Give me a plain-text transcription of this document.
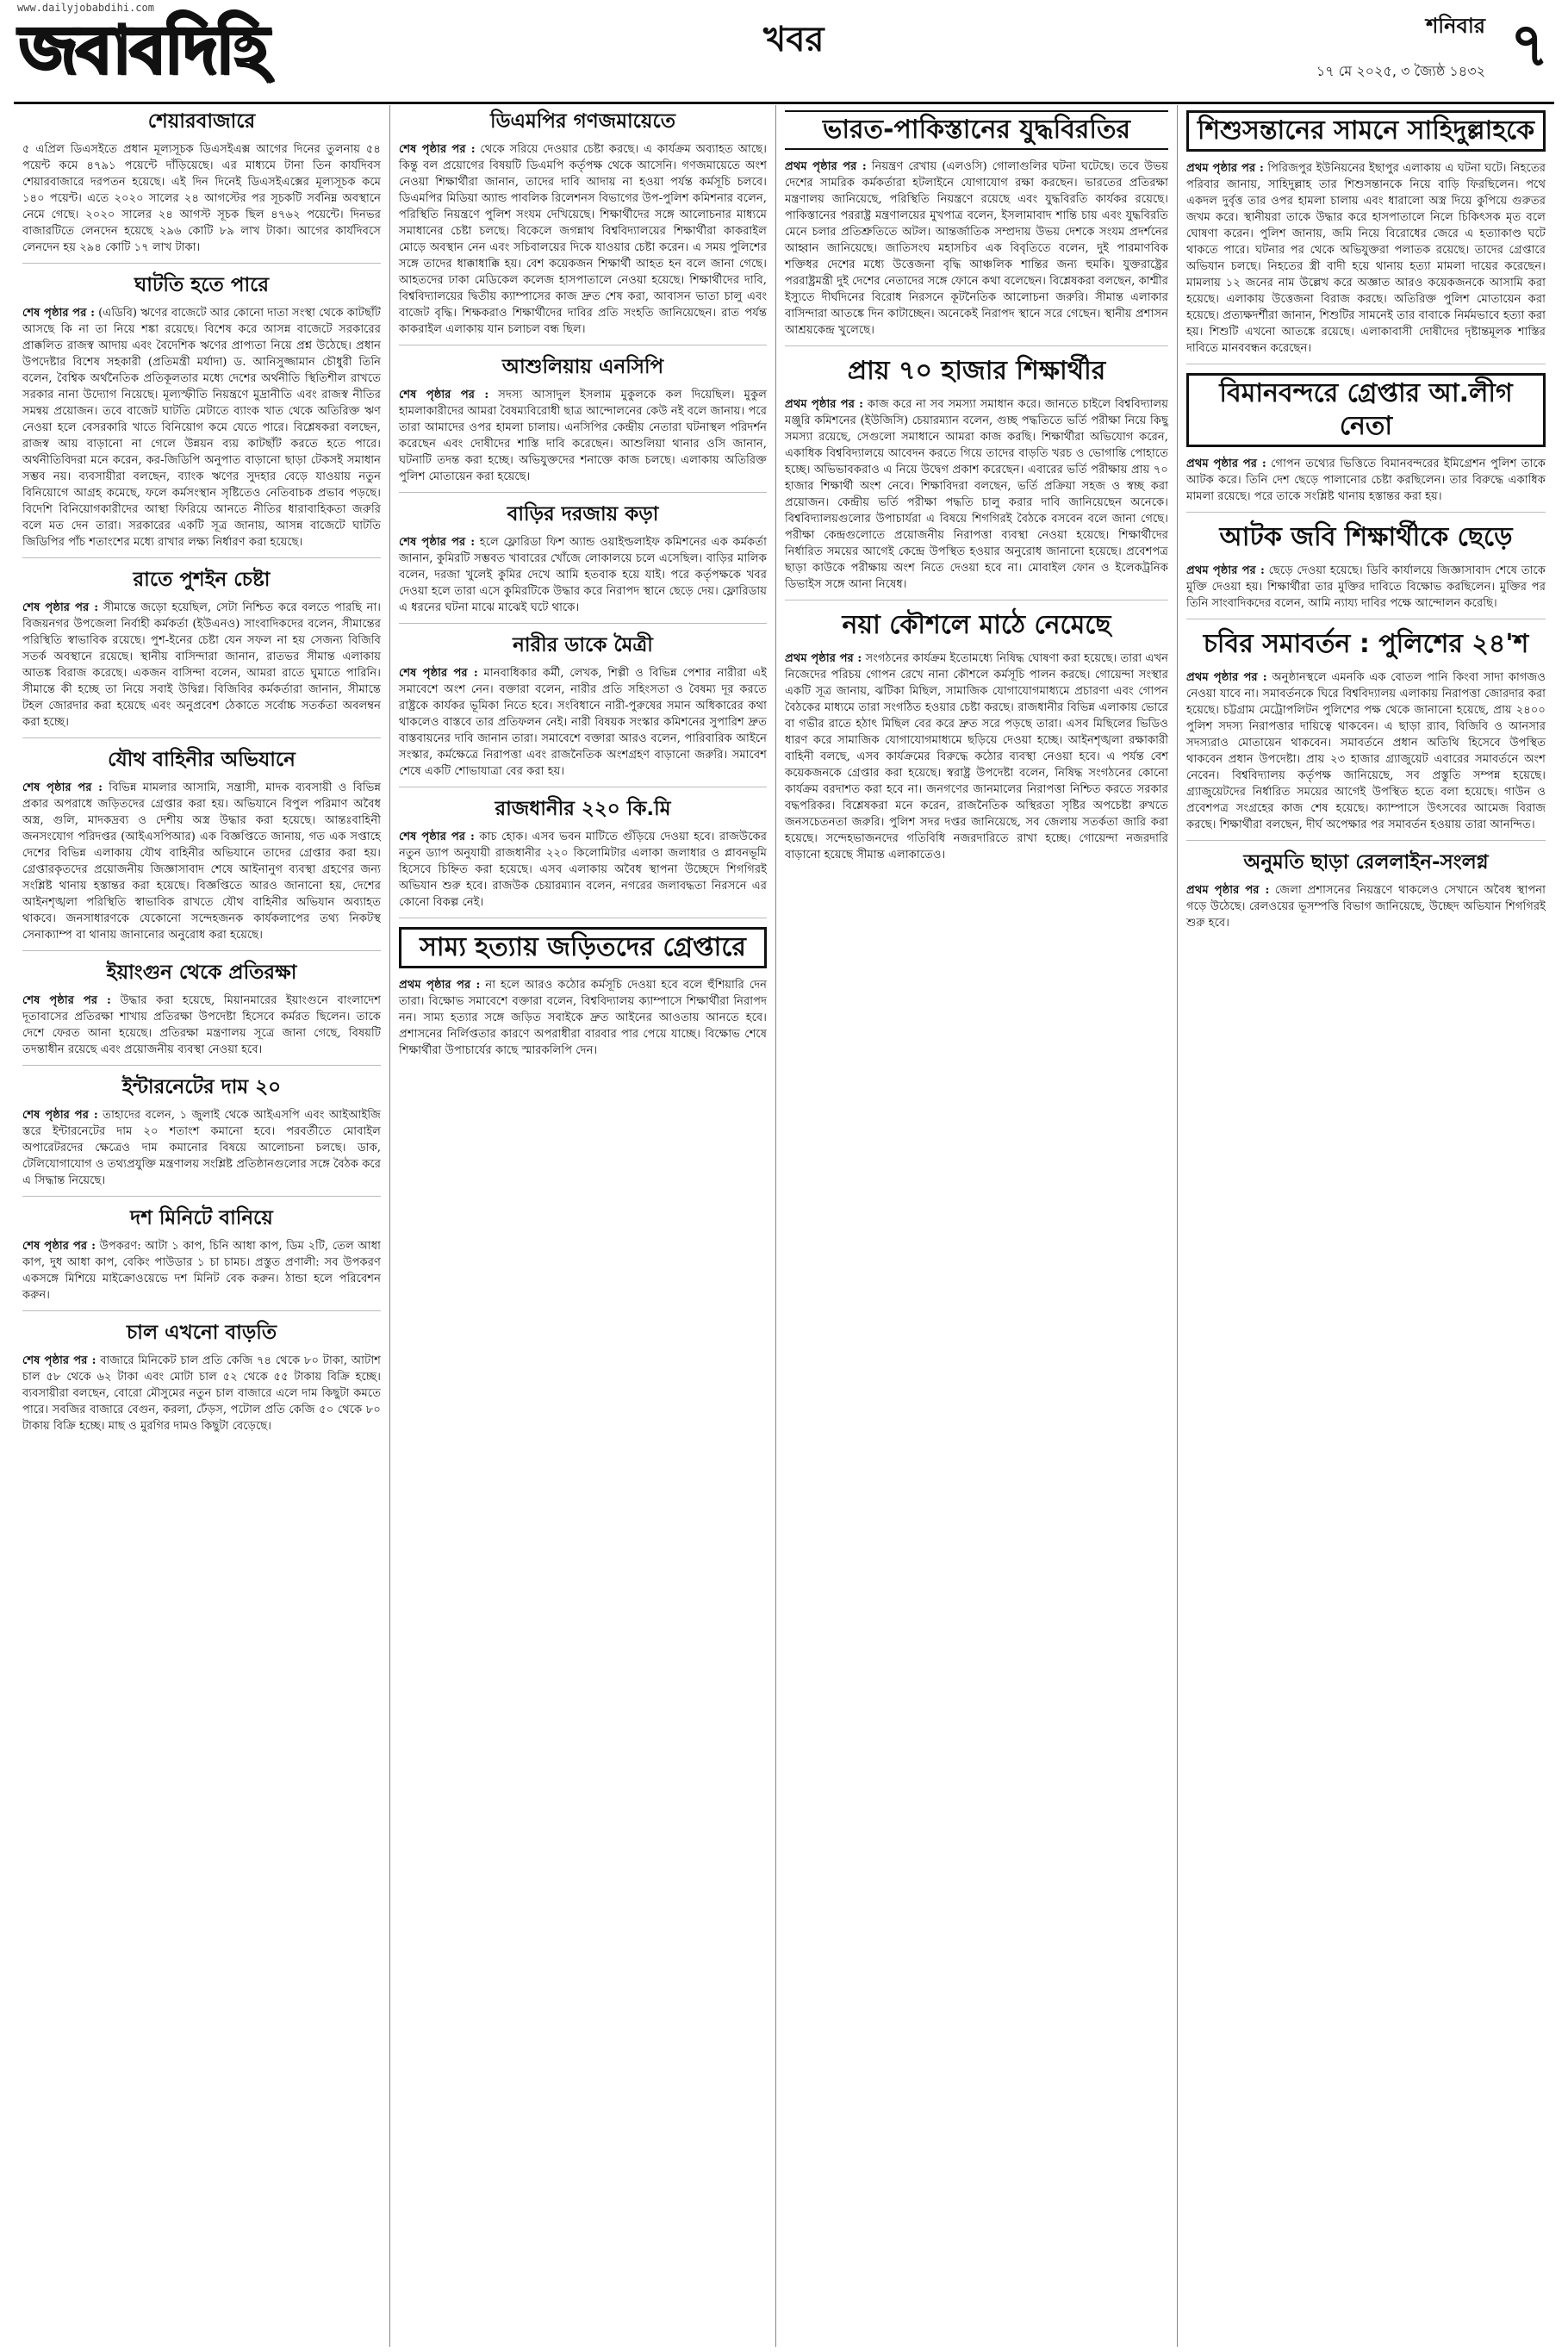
www.dailyjobabdihi.com
জবাবদিহি	খবর	শনিবার
১৭ মে ২০২৫, ৩ জ্যৈষ্ঠ ১৪৩২ ৭
শেয়ারবাজারে

৫ এপ্রিল ডিএসইতে প্রধান মূল্যসূচক ডিএসইএক্স আগের দিনের তুলনায় ৫৪ পয়েন্ট কমে ৪৭৯১ পয়েন্টে দাঁড়িয়েছে। এর মাধ্যমে টানা তিন কার্যদিবস শেয়ারবাজারে দরপতন হয়েছে। এই দিন দিনেই ডিএসইএক্সের মূল্যসূচক কমে ১৪০ পয়েন্ট। এতে ২০২০ সালের ২৪ আগস্টের পর সূচকটি সর্বনিম্ন অবস্থানে নেমে গেছে। ২০২০ সালের ২৪ আগস্ট সূচক ছিল ৪৭৬২ পয়েন্টে। দিনভর বাজারটিতে লেনদেন হয়েছে ২৯৬ কোটি ৮৯ লাখ টাকা। আগের কার্যদিবসে লেনদেন হয় ২৯৪ কোটি ১৭ লাখ টাকা।

ঘাটতি হতে পারে

শেষ পৃষ্ঠার পর : (এডিবি) ঋণের বাজেটে আর কোনো দাতা সংস্থা থেকে কাটছাঁট আসছে কি না তা নিয়ে শঙ্কা রয়েছে। বিশেষ করে আসন্ন বাজেটে সরকারের প্রাক্কলিত রাজস্ব আদায় এবং বৈদেশিক ঋণের প্রাপ্যতা নিয়ে প্রশ্ন উঠেছে। প্রধান উপদেষ্টার বিশেষ সহকারী (প্রতিমন্ত্রী মর্যাদা) ড. আনিসুজ্জামান চৌধুরী তিনি বলেন, বৈশ্বিক অর্থনৈতিক প্রতিকূলতার মধ্যে দেশের অর্থনীতি স্থিতিশীল রাখতে সরকার নানা উদ্যোগ নিয়েছে। মূল্যস্ফীতি নিয়ন্ত্রণে মুদ্রানীতি এবং রাজস্ব নীতির সমন্বয় প্রয়োজন। তবে বাজেট ঘাটতি মেটাতে ব্যাংক খাত থেকে অতিরিক্ত ঋণ নেওয়া হলে বেসরকারি খাতে বিনিয়োগ কমে যেতে পারে। বিশ্লেষকরা বলছেন, রাজস্ব আয় বাড়ানো না গেলে উন্নয়ন ব্যয় কাটছাঁট করতে হতে পারে। অর্থনীতিবিদরা মনে করেন, কর-জিডিপি অনুপাত বাড়ানো ছাড়া টেকসই সমাধান সম্ভব নয়। ব্যবসায়ীরা বলছেন, ব্যাংক ঋণের সুদহার বেড়ে যাওয়ায় নতুন বিনিয়োগে আগ্রহ কমেছে, ফলে কর্মসংস্থান সৃষ্টিতেও নেতিবাচক প্রভাব পড়ছে। বিদেশি বিনিয়োগকারীদের আস্থা ফিরিয়ে আনতে নীতির ধারাবাহিকতা জরুরি বলে মত দেন তারা। সরকারের একটি সূত্র জানায়, আসন্ন বাজেটে ঘাটতি জিডিপির পাঁচ শতাংশের মধ্যে রাখার লক্ষ্য নির্ধারণ করা হয়েছে।

রাতে পুশইন চেষ্টা

শেষ পৃষ্ঠার পর : সীমান্তে জড়ো হয়েছিল, সেটা নিশ্চিত করে বলতে পারছি না। বিজয়নগর উপজেলা নির্বাহী কর্মকর্তা (ইউএনও) সাংবাদিকদের বলেন, সীমান্তের পরিস্থিতি স্বাভাবিক রয়েছে। পুশ-ইনের চেষ্টা যেন সফল না হয় সেজন্য বিজিবি সতর্ক অবস্থানে রয়েছে। স্থানীয় বাসিন্দারা জানান, রাতভর সীমান্ত এলাকায় আতঙ্ক বিরাজ করেছে। একজন বাসিন্দা বলেন, আমরা রাতে ঘুমাতে পারিনি। সীমান্তে কী হচ্ছে তা নিয়ে সবাই উদ্বিগ্ন। বিজিবির কর্মকর্তারা জানান, সীমান্তে টহল জোরদার করা হয়েছে এবং অনুপ্রবেশ ঠেকাতে সর্বোচ্চ সতর্কতা অবলম্বন করা হচ্ছে।

যৌথ বাহিনীর অভিযানে

শেষ পৃষ্ঠার পর : বিভিন্ন মামলার আসামি, সন্ত্রাসী, মাদক ব্যবসায়ী ও বিভিন্ন প্রকার অপরাধে জড়িতদের গ্রেপ্তার করা হয়। অভিযানে বিপুল পরিমাণ অবৈধ অস্ত্র, গুলি, মাদকদ্রব্য ও দেশীয় অস্ত্র উদ্ধার করা হয়েছে। আন্তঃবাহিনী জনসংযোগ পরিদপ্তর (আইএসপিআর) এক বিজ্ঞপ্তিতে জানায়, গত এক সপ্তাহে দেশের বিভিন্ন এলাকায় যৌথ বাহিনীর অভিযানে তাদের গ্রেপ্তার করা হয়। গ্রেপ্তারকৃতদের প্রয়োজনীয় জিজ্ঞাসাবাদ শেষে আইনানুগ ব্যবস্থা গ্রহণের জন্য সংশ্লিষ্ট থানায় হস্তান্তর করা হয়েছে। বিজ্ঞপ্তিতে আরও জানানো হয়, দেশের আইনশৃঙ্খলা পরিস্থিতি স্বাভাবিক রাখতে যৌথ বাহিনীর অভিযান অব্যাহত থাকবে। জনসাধারণকে যেকোনো সন্দেহজনক কার্যকলাপের তথ্য নিকটস্থ সেনাক্যাম্প বা থানায় জানানোর অনুরোধ করা হয়েছে।

ইয়াংগুন থেকে প্রতিরক্ষা

শেষ পৃষ্ঠার পর : উদ্ধার করা হয়েছে, মিয়ানমারের ইয়াংগুনে বাংলাদেশ দূতাবাসের প্রতিরক্ষা শাখায় প্রতিরক্ষা উপদেষ্টা হিসেবে কর্মরত ছিলেন। তাকে দেশে ফেরত আনা হয়েছে। প্রতিরক্ষা মন্ত্রণালয় সূত্রে জানা গেছে, বিষয়টি তদন্তাধীন রয়েছে এবং প্রয়োজনীয় ব্যবস্থা নেওয়া হবে।

ইন্টারনেটের দাম ২০

শেষ পৃষ্ঠার পর : তাহাদের বলেন, ১ জুলাই থেকে আইএসপি এবং আইআইজি স্তরে ইন্টারনেটের দাম ২০ শতাংশ কমানো হবে। পরবর্তীতে মোবাইল অপারেটরদের ক্ষেত্রেও দাম কমানোর বিষয়ে আলোচনা চলছে। ডাক, টেলিযোগাযোগ ও তথ্যপ্রযুক্তি মন্ত্রণালয় সংশ্লিষ্ট প্রতিষ্ঠানগুলোর সঙ্গে বৈঠক করে এ সিদ্ধান্ত নিয়েছে।

দশ মিনিটে বানিয়ে

শেষ পৃষ্ঠার পর : উপকরণ: আটা ১ কাপ, চিনি আধা কাপ, ডিম ২টি, তেল আধা কাপ, দুধ আধা কাপ, বেকিং পাউডার ১ চা চামচ। প্রস্তুত প্রণালী: সব উপকরণ একসঙ্গে মিশিয়ে মাইক্রোওয়েভে দশ মিনিট বেক করুন। ঠান্ডা হলে পরিবেশন করুন।

চাল এখনো বাড়তি

শেষ পৃষ্ঠার পর : বাজারে মিনিকেট চাল প্রতি কেজি ৭৪ থেকে ৮০ টাকা, আটাশ চাল ৫৮ থেকে ৬২ টাকা এবং মোটা চাল ৫২ থেকে ৫৫ টাকায় বিক্রি হচ্ছে। ব্যবসায়ীরা বলছেন, বোরো মৌসুমের নতুন চাল বাজারে এলে দাম কিছুটা কমতে পারে। সবজির বাজারে বেগুন, করলা, ঢেঁড়স, পটোল প্রতি কেজি ৫০ থেকে ৮০ টাকায় বিক্রি হচ্ছে। মাছ ও মুরগির দামও কিছুটা বেড়েছে।

ডিএমপির গণজমায়েতে

শেষ পৃষ্ঠার পর : থেকে সরিয়ে দেওয়ার চেষ্টা করছে। এ কার্যক্রম অব্যাহত আছে। কিন্তু বল প্রয়োগের বিষয়টি ডিএমপি কর্তৃপক্ষ থেকে আসেনি। গণজমায়েতে অংশ নেওয়া শিক্ষার্থীরা জানান, তাদের দাবি আদায় না হওয়া পর্যন্ত কর্মসূচি চলবে। ডিএমপির মিডিয়া অ্যান্ড পাবলিক রিলেশনস বিভাগের উপ-পুলিশ কমিশনার বলেন, পরিস্থিতি নিয়ন্ত্রণে পুলিশ সংযম দেখিয়েছে। শিক্ষার্থীদের সঙ্গে আলোচনার মাধ্যমে সমাধানের চেষ্টা চলছে। বিকেলে জগন্নাথ বিশ্ববিদ্যালয়ের শিক্ষার্থীরা কাকরাইল মোড়ে অবস্থান নেন এবং সচিবালয়ের দিকে যাওয়ার চেষ্টা করেন। এ সময় পুলিশের সঙ্গে তাদের ধাক্কাধাক্কি হয়। বেশ কয়েকজন শিক্ষার্থী আহত হন বলে জানা গেছে। আহতদের ঢাকা মেডিকেল কলেজ হাসপাতালে নেওয়া হয়েছে। শিক্ষার্থীদের দাবি, বিশ্ববিদ্যালয়ের দ্বিতীয় ক্যাম্পাসের কাজ দ্রুত শেষ করা, আবাসন ভাতা চালু এবং বাজেট বৃদ্ধি। শিক্ষকরাও শিক্ষার্থীদের দাবির প্রতি সংহতি জানিয়েছেন। রাত পর্যন্ত কাকরাইল এলাকায় যান চলাচল বন্ধ ছিল।

আশুলিয়ায় এনসিপি

শেষ পৃষ্ঠার পর : সদস্য আসাদুল ইসলাম মুকুলকে কল দিয়েছিল। মুকুল হামলাকারীদের আমরা বৈষম্যবিরোধী ছাত্র আন্দোলনের কেউ নই বলে জানায়। পরে তারা আমাদের ওপর হামলা চালায়। এনসিপির কেন্দ্রীয় নেতারা ঘটনাস্থল পরিদর্শন করেছেন এবং দোষীদের শাস্তি দাবি করেছেন। আশুলিয়া থানার ওসি জানান, ঘটনাটি তদন্ত করা হচ্ছে। অভিযুক্তদের শনাক্তে কাজ চলছে। এলাকায় অতিরিক্ত পুলিশ মোতায়েন করা হয়েছে।

বাড়ির দরজায় কড়া

শেষ পৃষ্ঠার পর : হলে ফ্লোরিডা ফিশ অ্যান্ড ওয়াইল্ডলাইফ কমিশনের এক কর্মকর্তা জানান, কুমিরটি সম্ভবত খাবারের খোঁজে লোকালয়ে চলে এসেছিল। বাড়ির মালিক বলেন, দরজা খুলেই কুমির দেখে আমি হতবাক হয়ে যাই। পরে কর্তৃপক্ষকে খবর দেওয়া হলে তারা এসে কুমিরটিকে উদ্ধার করে নিরাপদ স্থানে ছেড়ে দেয়। ফ্লোরিডায় এ ধরনের ঘটনা মাঝে মাঝেই ঘটে থাকে।

নারীর ডাকে মৈত্রী

শেষ পৃষ্ঠার পর : মানবাধিকার কর্মী, লেখক, শিল্পী ও বিভিন্ন পেশার নারীরা এই সমাবেশে অংশ নেন। বক্তারা বলেন, নারীর প্রতি সহিংসতা ও বৈষম্য দূর করতে রাষ্ট্রকে কার্যকর ভূমিকা নিতে হবে। সংবিধানে নারী-পুরুষের সমান অধিকারের কথা থাকলেও বাস্তবে তার প্রতিফলন নেই। নারী বিষয়ক সংস্কার কমিশনের সুপারিশ দ্রুত বাস্তবায়নের দাবি জানান তারা। সমাবেশে বক্তারা আরও বলেন, পারিবারিক আইনে সংস্কার, কর্মক্ষেত্রে নিরাপত্তা এবং রাজনৈতিক অংশগ্রহণ বাড়ানো জরুরি। সমাবেশ শেষে একটি শোভাযাত্রা বের করা হয়।

রাজধানীর ২২০ কি.মি

শেষ পৃষ্ঠার পর : কাচ হোক। এসব ভবন মাটিতে গুঁড়িয়ে দেওয়া হবে। রাজউকের নতুন ড্যাপ অনুযায়ী রাজধানীর ২২০ কিলোমিটার এলাকা জলাধার ও প্লাবনভূমি হিসেবে চিহ্নিত করা হয়েছে। এসব এলাকায় অবৈধ স্থাপনা উচ্ছেদে শিগগিরই অভিযান শুরু হবে। রাজউক চেয়ারম্যান বলেন, নগরের জলাবদ্ধতা নিরসনে এর কোনো বিকল্প নেই।

সাম্য হত্যায় জড়িতদের গ্রেপ্তারে

প্রথম পৃষ্ঠার পর : না হলে আরও কঠোর কর্মসূচি দেওয়া হবে বলে হুঁশিয়ারি দেন তারা। বিক্ষোভ সমাবেশে বক্তারা বলেন, বিশ্ববিদ্যালয় ক্যাম্পাসে শিক্ষার্থীরা নিরাপদ নন। সাম্য হত্যার সঙ্গে জড়িত সবাইকে দ্রুত আইনের আওতায় আনতে হবে। প্রশাসনের নির্লিপ্ততার কারণে অপরাধীরা বারবার পার পেয়ে যাচ্ছে। বিক্ষোভ শেষে শিক্ষার্থীরা উপাচার্যের কাছে স্মারকলিপি দেন।

ভারত-পাকিস্তানের যুদ্ধবিরতির

প্রথম পৃষ্ঠার পর : নিয়ন্ত্রণ রেখায় (এলওসি) গোলাগুলির ঘটনা ঘটেছে। তবে উভয় দেশের সামরিক কর্মকর্তারা হটলাইনে যোগাযোগ রক্ষা করছেন। ভারতের প্রতিরক্ষা মন্ত্রণালয় জানিয়েছে, পরিস্থিতি নিয়ন্ত্রণে রয়েছে এবং যুদ্ধবিরতি কার্যকর রয়েছে। পাকিস্তানের পররাষ্ট্র মন্ত্রণালয়ের মুখপাত্র বলেন, ইসলামাবাদ শান্তি চায় এবং যুদ্ধবিরতি মেনে চলার প্রতিশ্রুতিতে অটল। আন্তর্জাতিক সম্প্রদায় উভয় দেশকে সংযম প্রদর্শনের আহ্বান জানিয়েছে। জাতিসংঘ মহাসচিব এক বিবৃতিতে বলেন, দুই পারমাণবিক শক্তিধর দেশের মধ্যে উত্তেজনা বৃদ্ধি আঞ্চলিক শান্তির জন্য হুমকি। যুক্তরাষ্ট্রের পররাষ্ট্রমন্ত্রী দুই দেশের নেতাদের সঙ্গে ফোনে কথা বলেছেন। বিশ্লেষকরা বলছেন, কাশ্মীর ইস্যুতে দীর্ঘদিনের বিরোধ নিরসনে কূটনৈতিক আলোচনা জরুরি। সীমান্ত এলাকার বাসিন্দারা আতঙ্কে দিন কাটাচ্ছেন। অনেকেই নিরাপদ স্থানে সরে গেছেন। স্থানীয় প্রশাসন আশ্রয়কেন্দ্র খুলেছে।

প্রায় ৭০ হাজার শিক্ষার্থীর

প্রথম পৃষ্ঠার পর : কাজ করে না সব সমস্যা সমাধান করে। জানতে চাইলে বিশ্ববিদ্যালয় মঞ্জুরি কমিশনের (ইউজিসি) চেয়ারম্যান বলেন, গুচ্ছ পদ্ধতিতে ভর্তি পরীক্ষা নিয়ে কিছু সমস্যা রয়েছে, সেগুলো সমাধানে আমরা কাজ করছি। শিক্ষার্থীরা অভিযোগ করেন, একাধিক বিশ্ববিদ্যালয়ে আবেদন করতে গিয়ে তাদের বাড়তি খরচ ও ভোগান্তি পোহাতে হচ্ছে। অভিভাবকরাও এ নিয়ে উদ্বেগ প্রকাশ করেছেন। এবারের ভর্তি পরীক্ষায় প্রায় ৭০ হাজার শিক্ষার্থী অংশ নেবে। শিক্ষাবিদরা বলছেন, ভর্তি প্রক্রিয়া সহজ ও স্বচ্ছ করা প্রয়োজন। কেন্দ্রীয় ভর্তি পরীক্ষা পদ্ধতি চালু করার দাবি জানিয়েছেন অনেকে। বিশ্ববিদ্যালয়গুলোর উপাচার্যরা এ বিষয়ে শিগগিরই বৈঠকে বসবেন বলে জানা গেছে। পরীক্ষা কেন্দ্রগুলোতে প্রয়োজনীয় নিরাপত্তা ব্যবস্থা নেওয়া হয়েছে। শিক্ষার্থীদের নির্ধারিত সময়ের আগেই কেন্দ্রে উপস্থিত হওয়ার অনুরোধ জানানো হয়েছে। প্রবেশপত্র ছাড়া কাউকে পরীক্ষায় অংশ নিতে দেওয়া হবে না। মোবাইল ফোন ও ইলেকট্রনিক ডিভাইস সঙ্গে আনা নিষেধ।

নয়া কৌশলে মাঠে নেমেছে

প্রথম পৃষ্ঠার পর : সংগঠনের কার্যক্রম ইতোমধ্যে নিষিদ্ধ ঘোষণা করা হয়েছে। তারা এখন নিজেদের পরিচয় গোপন রেখে নানা কৌশলে কর্মসূচি পালন করছে। গোয়েন্দা সংস্থার একটি সূত্র জানায়, ঝটিকা মিছিল, সামাজিক যোগাযোগমাধ্যমে প্রচারণা এবং গোপন বৈঠকের মাধ্যমে তারা সংগঠিত হওয়ার চেষ্টা করছে। রাজধানীর বিভিন্ন এলাকায় ভোরে বা গভীর রাতে হঠাৎ মিছিল বের করে দ্রুত সরে পড়ছে তারা। এসব মিছিলের ভিডিও ধারণ করে সামাজিক যোগাযোগমাধ্যমে ছড়িয়ে দেওয়া হচ্ছে। আইনশৃঙ্খলা রক্ষাকারী বাহিনী বলছে, এসব কার্যক্রমের বিরুদ্ধে কঠোর ব্যবস্থা নেওয়া হবে। এ পর্যন্ত বেশ কয়েকজনকে গ্রেপ্তার করা হয়েছে। স্বরাষ্ট্র উপদেষ্টা বলেন, নিষিদ্ধ সংগঠনের কোনো কার্যক্রম বরদাশত করা হবে না। জনগণের জানমালের নিরাপত্তা নিশ্চিত করতে সরকার বদ্ধপরিকর। বিশ্লেষকরা মনে করেন, রাজনৈতিক অস্থিরতা সৃষ্টির অপচেষ্টা রুখতে জনসচেতনতা জরুরি। পুলিশ সদর দপ্তর জানিয়েছে, সব জেলায় সতর্কতা জারি করা হয়েছে। সন্দেহভাজনদের গতিবিধি নজরদারিতে রাখা হচ্ছে। গোয়েন্দা নজরদারি বাড়ানো হয়েছে সীমান্ত এলাকাতেও।

শিশুসন্তানের সামনে সাহিদুল্লাহকে

প্রথম পৃষ্ঠার পর : পিরিজপুর ইউনিয়নের ইছাপুর এলাকায় এ ঘটনা ঘটে। নিহতের পরিবার জানায়, সাহিদুল্লাহ তার শিশুসন্তানকে নিয়ে বাড়ি ফিরছিলেন। পথে একদল দুর্বৃত্ত তার ওপর হামলা চালায় এবং ধারালো অস্ত্র দিয়ে কুপিয়ে গুরুতর জখম করে। স্থানীয়রা তাকে উদ্ধার করে হাসপাতালে নিলে চিকিৎসক মৃত বলে ঘোষণা করেন। পুলিশ জানায়, জমি নিয়ে বিরোধের জেরে এ হত্যাকাণ্ড ঘটে থাকতে পারে। ঘটনার পর থেকে অভিযুক্তরা পলাতক রয়েছে। তাদের গ্রেপ্তারে অভিযান চলছে। নিহতের স্ত্রী বাদী হয়ে থানায় হত্যা মামলা দায়ের করেছেন। মামলায় ১২ জনের নাম উল্লেখ করে অজ্ঞাত আরও কয়েকজনকে আসামি করা হয়েছে। এলাকায় উত্তেজনা বিরাজ করছে। অতিরিক্ত পুলিশ মোতায়েন করা হয়েছে। প্রত্যক্ষদর্শীরা জানান, শিশুটির সামনেই তার বাবাকে নির্মমভাবে হত্যা করা হয়। শিশুটি এখনো আতঙ্কে রয়েছে। এলাকাবাসী দোষীদের দৃষ্টান্তমূলক শাস্তির দাবিতে মানববন্ধন করেছেন।

বিমানবন্দরে গ্রেপ্তার আ.লীগ নেতা

প্রথম পৃষ্ঠার পর : গোপন তথ্যের ভিত্তিতে বিমানবন্দরের ইমিগ্রেশন পুলিশ তাকে আটক করে। তিনি দেশ ছেড়ে পালানোর চেষ্টা করছিলেন। তার বিরুদ্ধে একাধিক মামলা রয়েছে। পরে তাকে সংশ্লিষ্ট থানায় হস্তান্তর করা হয়।

আটক জবি শিক্ষার্থীকে ছেড়ে

প্রথম পৃষ্ঠার পর : ছেড়ে দেওয়া হয়েছে। ডিবি কার্যালয়ে জিজ্ঞাসাবাদ শেষে তাকে মুক্তি দেওয়া হয়। শিক্ষার্থীরা তার মুক্তির দাবিতে বিক্ষোভ করছিলেন। মুক্তির পর তিনি সাংবাদিকদের বলেন, আমি ন্যায্য দাবির পক্ষে আন্দোলন করেছি।

চবির সমাবর্তন : পুলিশের ২৪'শ

প্রথম পৃষ্ঠার পর : অনুষ্ঠানস্থলে এমনকি এক বোতল পানি কিংবা সাদা কাগজও নেওয়া যাবে না। সমাবর্তনকে ঘিরে বিশ্ববিদ্যালয় এলাকায় নিরাপত্তা জোরদার করা হয়েছে। চট্টগ্রাম মেট্রোপলিটন পুলিশের পক্ষ থেকে জানানো হয়েছে, প্রায় ২৪০০ পুলিশ সদস্য নিরাপত্তার দায়িত্বে থাকবেন। এ ছাড়া র‌্যাব, বিজিবি ও আনসার সদস্যরাও মোতায়েন থাকবেন। সমাবর্তনে প্রধান অতিথি হিসেবে উপস্থিত থাকবেন প্রধান উপদেষ্টা। প্রায় ২৩ হাজার গ্র্যাজুয়েট এবারের সমাবর্তনে অংশ নেবেন। বিশ্ববিদ্যালয় কর্তৃপক্ষ জানিয়েছে, সব প্রস্তুতি সম্পন্ন হয়েছে। গ্র্যাজুয়েটদের নির্ধারিত সময়ের আগেই উপস্থিত হতে বলা হয়েছে। গাউন ও প্রবেশপত্র সংগ্রহের কাজ শেষ হয়েছে। ক্যাম্পাসে উৎসবের আমেজ বিরাজ করছে। শিক্ষার্থীরা বলছেন, দীর্ঘ অপেক্ষার পর সমাবর্তন হওয়ায় তারা আনন্দিত।

অনুমতি ছাড়া রেললাইন-সংলগ্ন

প্রথম পৃষ্ঠার পর : জেলা প্রশাসনের নিয়ন্ত্রণে থাকলেও সেখানে অবৈধ স্থাপনা গড়ে উঠেছে। রেলওয়ের ভূসম্পত্তি বিভাগ জানিয়েছে, উচ্ছেদ অভিযান শিগগিরই শুরু হবে।
